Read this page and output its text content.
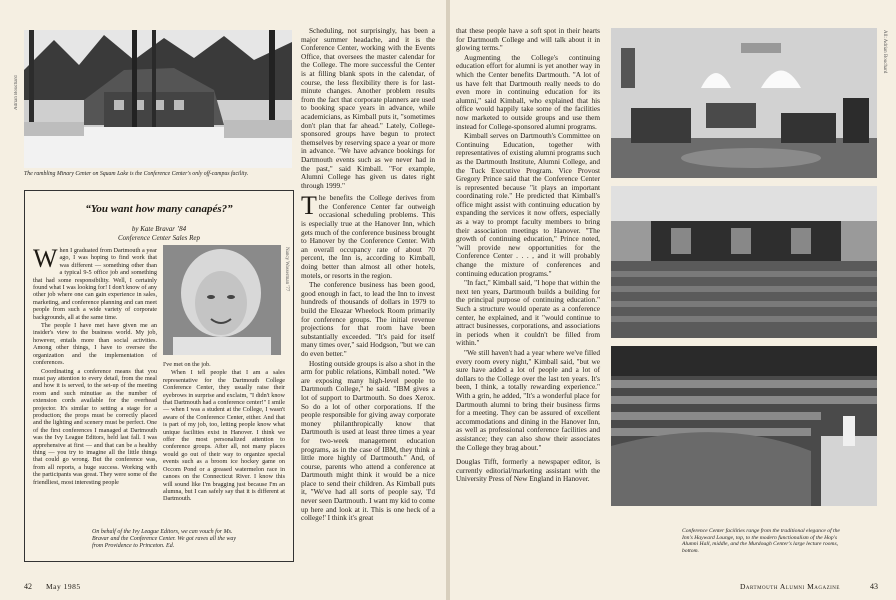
Adrian Bouchard
The rambling Minary Center on Squam Lake is the Conference Center's only off-campus facility.
“You want how many canapés?”
by Kate Bravar ’84
Conference Center Sales Rep

When I graduated from Dartmouth a year ago, I was hoping to find work that was different — something other than a typical 9-5 office job and something that had some responsibility. Well, I certainly found what I was looking for! I don't know of any other job where one can gain experience in sales, marketing, and conference planning and can meet people from such a wide variety of corporate backgrounds, all at the same time.

The people I have met have given me an insider's view to the business world. My job, however, entails more than social activities. Among other things, I have to oversee the organization and the implementation of conferences.

Coordinating a conference means that you must pay attention to every detail, from the meal and how it is served, to the set-up of the meeting room and such minutiae as the number of extension cords available for the overhead projector. It's similar to setting a stage for a production; the props must be correctly placed and the lighting and scenery must be perfect. One of the first conferences I managed at Dartmouth was the Ivy League Editors, held last fall. I was apprehensive at first — and that can be a healthy thing — you try to imagine all the little things that could go wrong. But the conference was, from all reports, a huge success. Working with the participants was great. They were some of the friendliest, most interesting people

Nancy Wasserman '77

I've met on the job.

When I tell people that I am a sales representative for the Dartmouth College Conference Center, they usually raise their eyebrows in surprise and exclaim, "I didn't know that Dartmouth had a conference center!" I smile — when I was a student at the College, I wasn't aware of the Conference Center, either. And that is part of my job, too, letting people know what unique facilities exist in Hanover. I think we offer the most personalized attention to conference groups. After all, not many places would go out of their way to organize special events such as a broom ice hockey game on Occom Pond or a greased watermelon race in canoes on the Connecticut River. I know this will sound like I'm bragging just because I'm an alumna, but I can safely say that it is different at Dartmouth.

On behalf of the Ivy League Editors, we can vouch for Ms. Bravar and the Conference Center. We got raves all the way from Providence to Princeton. Ed.

Scheduling, not surprisingly, has been a major summer headache, and it is the Conference Center, working with the Events Office, that oversees the master calendar for the College. The more successful the Center is at filling blank spots in the calendar, of course, the less flexibility there is for last-minute changes. Another problem results from the fact that corporate planners are used to booking space years in advance, while academicians, as Kimball puts it, "sometimes don't plan that far ahead." Lately, College-sponsored groups have begun to protect themselves by reserving space a year or more in advance. "We have advance bookings for Dartmouth events such as we never had in the past," said Kimball. "For example, Alumni College has given us dates right through 1999."

The benefits the College derives from the Conference Center far outweigh occasional scheduling problems. This is especially true at the Hanover Inn, which gets much of the conference business brought to Hanover by the Conference Center. With an overall occupancy rate of about 70 percent, the Inn is, according to Kimball, doing better than almost all other hotels, motels, or resorts in the region.

The conference business has been good, good enough in fact, to lead the Inn to invest hundreds of thousands of dollars in 1979 to build the Eleazar Wheelock Room primarily for conference groups. The initial revenue projections for that room have been substantially exceeded. "It's paid for itself many times over," said Hodgson, "but we can do even better."

Hosting outside groups is also a shot in the arm for public relations, Kimball noted. "We are exposing many high-level people to Dartmouth College," he said. "IBM gives a lot of support to Dartmouth. So does Xerox. So do a lot of other corporations. If the people responsible for giving away corporate money philanthropically know that Dartmouth is used at least three times a year for two-week management education programs, as in the case of IBM, they think a little more highly of Dartmouth." And, of course, parents who attend a conference at Dartmouth might think it would be a nice place to send their children. As Kimball puts it, "We've had all sorts of people say, 'I'd never seen Dartmouth. I want my kid to come up here and look at it. This is one heck of a college!' I think it's great

42 May 1985

that these people have a soft spot in their hearts for Dartmouth College and will talk about it in glowing terms."

Augmenting the College's continuing education effort for alumni is yet another way in which the Center benefits Dartmouth. "A lot of us have felt that Dartmouth really needs to do even more in continuing education for its alumni," said Kimball, who explained that his office would happily take some of the facilities now marketed to outside groups and use them instead for College-sponsored alumni programs.

Kimball serves on Dartmouth's Committee on Continuing Education, together with representatives of existing alumni programs such as the Dartmouth Institute, Alumni College, and the Tuck Executive Program. Vice Provost Gregory Prince said that the Conference Center is represented because "it plays an important coordinating role." He predicted that Kimball's office might assist with continuing education by expanding the services it now offers, especially as a way to prompt faculty members to bring their association meetings to Hanover. "The growth of continuing education," Prince noted, "will provide new opportunities for the Conference Center . . . , and it will probably change the mixture of conferences and continuing education programs."

"In fact," Kimball said, "I hope that within the next ten years, Dartmouth builds a building for the principal purpose of continuing education." Such a structure would operate as a conference center, he explained, and it "would continue to attract businesses, corporations, and associations in periods when it couldn't be filled from within."

"We still haven't had a year where we've filled every room every night," Kimball said, "but we sure have added a lot of people and a lot of dollars to the College over the last ten years. It's been, I think, a totally rewarding experience." With a grin, he added, "It's a wonderful place for Dartmouth alumni to bring their business firms for a meeting. They can be assured of excellent accommodations and dining in the Hanover Inn, as well as professional conference facilities and assistance; they can also show their associates the College they brag about."

Douglas Tifft, formerly a newspaper editor, is currently editorial/marketing assistant with the University Press of New England in Hanover.

All: Adrian Bouchard
Conference Center facilities range from the traditional elegance of the Inn's Hayward Lounge, top, to the modern functionalism of the Hop's Alumni Hall, middle, and the Murdough Center's large lecture rooms, bottom.
Dartmouth Alumni Magazine	43
